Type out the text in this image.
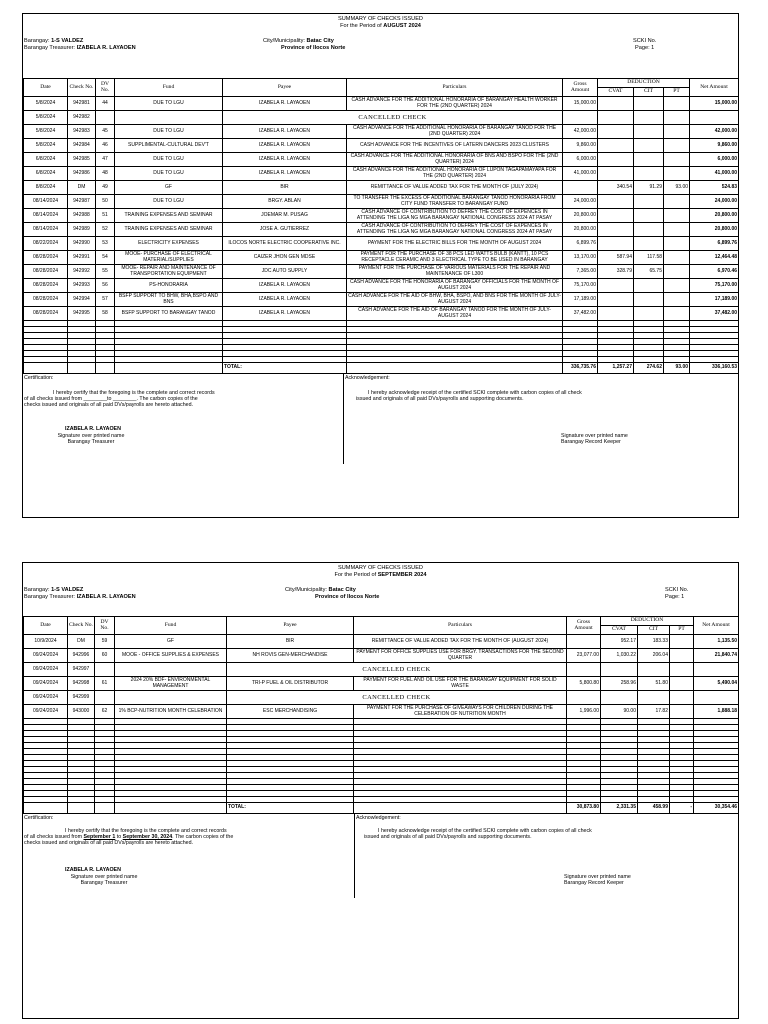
SUMMARY OF CHECKS ISSUED
For the Period of AUGUST 2024
Barangay: 1-S VALDEZ
Barangay Treasurer: IZABELA R. LAYAOEN
City/Municipality: Batac City
Province of Ilocos Norte
SCKI No.
Page: 1
Date	Check No.	DV No.	Fund	Payee	Particulars	Gross Amount	DEDUCTION			Net Amount
							CVAT	CIT	PT	
5/8/2024	942981	44	DUE TO LGU	IZABELA R. LAYAOEN	CASH ADVANCE FOR THE ADDITIONAL HONORARIA OF BARANGAY HEALTH WORKER FOR THE (2ND QUARTER) 2024	15,000.00				15,000.00
5/8/2024	942982			CANCELLED CHECK						
5/8/2024	942983	45	DUE TO LGU	IZABELA R. LAYAOEN	CASH ADVANCE FOR THE ADDITIONAL HONORARIA OF BARANGAY TANOD FOR THE (2ND QUARTER) 2024	42,000.00				42,000.00
5/8/2024	942984	46	SUPPLIMENTAL-CULTURAL DEV'T	IZABELA R. LAYAOEN	CASH ADVANCE FOR THE INCENTIVES OF LATERN DANCERS 2023 CLUSTERS	9,860.00				9,860.00
6/8/2024	942985	47	DUE TO LGU	IZABELA R. LAYAOEN	CASH ADVANCE FOR THE ADDITIONAL HONORARIA OF BNS AND BSPO FOR THE (2ND QUARTER) 2024	6,000.00				6,000.00
6/8/2024	942986	48	DUE TO LGU	IZABELA R. LAYAOEN	CASH ADVANCE FOR THE ADDITIONAL HONORARIA OF LUPON TAGAPAMAYAPA FOR THE (2ND QUARTER) 2024	41,000.00				41,000.00
8/8/2024	DM	49	GF	BIR	REMITTANCE OF VALUE ADDED TAX FOR THE MONTH OF (JULY 2024)		340.54	91.29	93.00	524.83
08/14/2024	942987	50	DUE TO LGU	BRGY. ABLAN	TO TRANSFER THE EXCESS OF ADDITIONAL BARANGAY TANOD HONORARIA FROM CITY FUND TRANSFER TO BARANGAY FUND	24,000.00				24,000.00
08/14/2024	942988	51	TRAINING EXPENSES AND SEMINAR	JOEMAR M. PUSAG	CASH ADVANCE OF CONTRIBUTION TO DEFREY THE COST OF EXPENCES IN ATTENDING THE LIGA NG MGA BARANGAY NATIONAL CONGRESS 2024 AT PASAY	20,800.00				20,800.00
08/14/2024	942989	52	TRAINING EXPENSES AND SEMINAR	JOSE A. GUTIERREZ	CASH ADVANCE OF CONTRIBUTION TO DEFREY THE COST OF EXPENCES IN ATTENDING THE LIGA NG MGA BARANGAY NATIONAL CONGRESS 2024 AT PASAY	20,800.00				20,800.00
08/22/2024	942990	53	ELECTRICITY EXPENSES	ILOCOS NORTE ELECTRIC COOPERATIVE INC.	PAYMENT FOR THE ELECTRIC BILLS FOR THE MONTH OF AUGUST 2024	6,899.76				6,899.76
08/28/2024	942991	54	MOOE- PURCHASE OF ELECTRICAL MATERIAL/SUPPLIES	CAIZER JHON GEN MDSE	PAYMENT FOR THE PURCHASE OF 38 PCS LED WATTS BULB (KANTT), 10 PCS RECEPTACLE CERAMIC AND 3 ELECTRICAL TYPE TO BE USED IN BARANGAY	13,170.00	587.94	117.58		12,464.48
08/28/2024	942992	55	MOOE- REPAIR AND MAINTENANCE OF TRANSPORTATION EQUIPMENT	JDC AUTO SUPPLY	PAYMENT FOR THE PURCHASE OF VARIOUS MATERIALS FOR THE REPAIR AND MAINTENANCE OF L300	7,365.00	328.79	65.75		6,970.46
08/28/2024	942993	56	PS-HONORARIA	IZABELA R. LAYAOEN	CASH ADVANCE FOR THE HONORARIA OF BARANGAY OFFICIALS FOR THE MONTH OF AUGUST 2024	75,170.00				75,170.00
08/28/2024	942994	57	BSFP SUPPORT TO BHW, BHA,BSPO AND BNS	IZABELA R. LAYAOEN	CASH ADVANCE FOR THE AID OF BHW, BHA, BSPO, AND BNS FOR THE MONTH OF JULY-AUGUST 2024	17,189.00				17,189.00
08/28/2024	942995	58	BSFP SUPPORT TO BARANGAY TANOD	IZABELA R. LAYAOEN	CASH ADVANCE FOR THE AID OF BARANGAY TANOD FOR THE MONTH OF JULY-AUGUST 2024	37,482.00				37,482.00

				TOTAL:		336,735.76	1,257.27	274.62	93.00	336,160.53
Certification:
I hereby certify that the foregoing is the complete and correct records
of all checks issued from ________to ________. The carbon copies of the
checks issued and originals of all paid DVs/payrolls are hereto attached.
IZABELA R. LAYAOEN
Signature over printed name
Barangay Treasurer
Acknowledgement:
I hereby acknowledge receipt of the certified SCKI complete with carbon copies of all check
issued and originals of all paid DVs/payrolls and supporting documents.
Signature over printed name
Barangay Record Keeper
SUMMARY OF CHECKS ISSUED
For the Period of SEPTEMBER 2024
Barangay: 1-S VALDEZ
Barangay Treasurer: IZABELA R. LAYAOEN
City/Municipality: Batac City
Province of Ilocos Norte
SCKI No.
Page: 1
Date	Check No.	DV No.	Fund	Payee	Particulars	Gross Amount	DEDUCTION			Net Amount
							CVAT	CIT	PT	
10/9/2024	DM	59	GF	BIR	REMITTANCE OF VALUE ADDED TAX FOR THE MONTH OF (AUGUST 2024)		952.17	183.33		1,135.50
09/24/2024	942996	60	MOOE - OFFICE SUPPLIES & EXPENSES	NH ROVIS GEN-MERCHANDISE	PAYMENT FOR OFFICE SUPPLIES USE FOR BRGY. TRANSACTIONS FOR THE SECOND QUARTER	23,077.00	1,030.22	206.04		21,840.74
09/24/2024	942997			CANCELLED CHECK						
09/24/2024	942998	61	2024 20% BDF- ENVIRONMENTAL MANAGEMENT	TRI-P FUEL & OIL DISTRIBUTOR	PAYMENT FOR FUEL AND OIL USE FOR THE BARANGAY EQUIPMENT FOR SOLID WASTE	5,800.80	258.96	51.80		5,490.04
09/24/2024	942999			CANCELLED CHECK						
09/24/2024	943000	62	1% BCP-NUTRITION MONTH CELEBRATION	ESC MERCHANDISING	PAYMENT FOR THE PURCHASE OF GIVEAWAYS FOR CHILDREN DURING THE CELEBRATION OF NUTRITION MONTH	1,996.00	90.00	17.82		1,888.18

				TOTAL:		30,873.80	2,331.35	458.99	-	30,354.46
Certification:
I hereby certify that the foregoing is the complete and correct records
of all checks issued from September 1 to September 30, 2024. The carbon copies of the
checks issued and originals of all paid DVs/payrolls are hereto attached.
IZABELA R. LAYAOEN
Signature over printed name
Barangay Treasurer
Acknowledgement:
I hereby acknowledge receipt of the certified SCKI complete with carbon copies of all check
issued and originals of all paid DVs/payrolls and supporting documents.
Signature over printed name
Barangay Record Keeper
